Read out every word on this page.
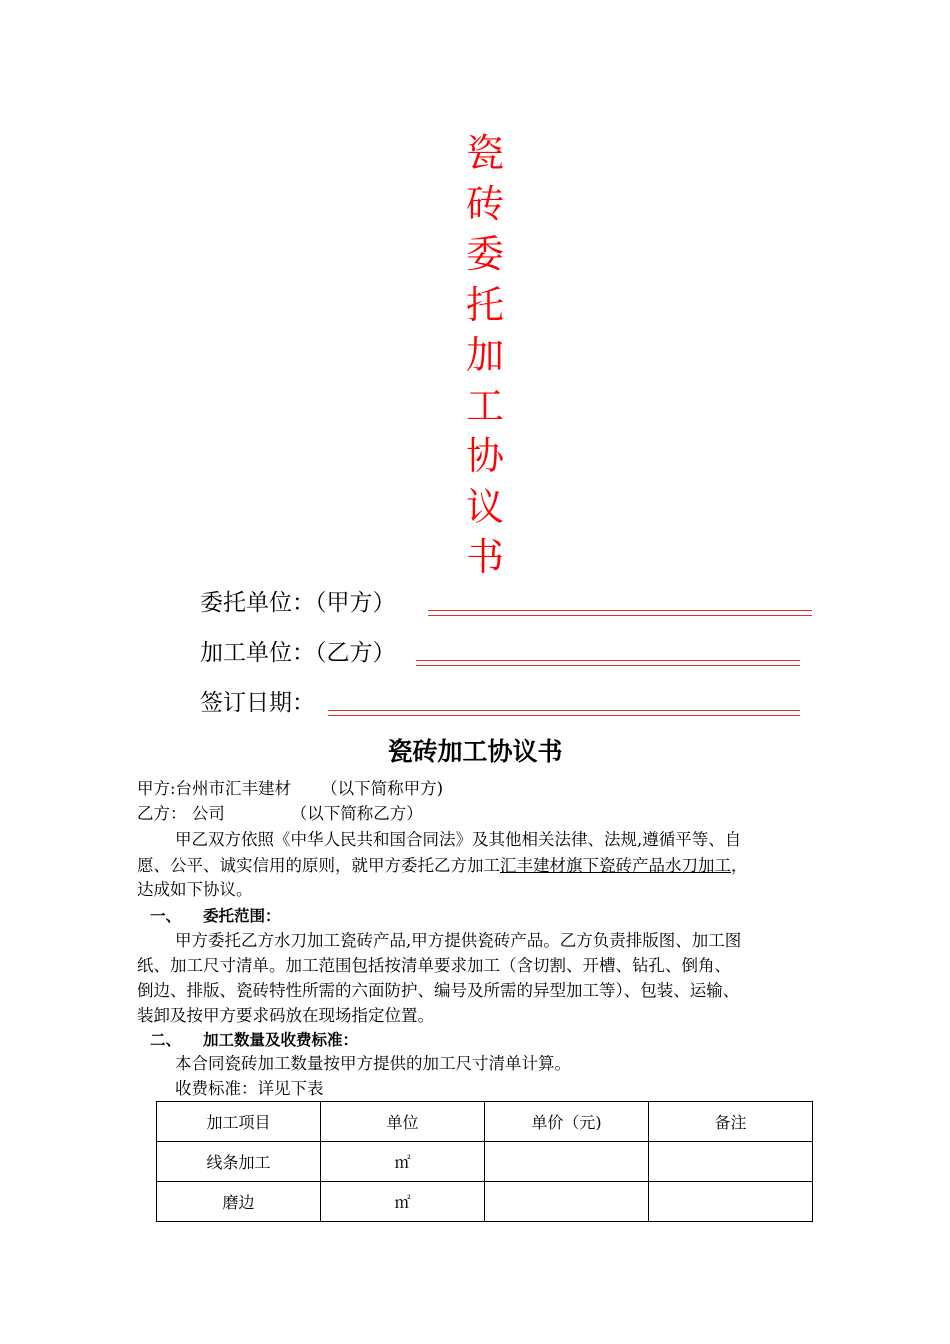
瓷
砖
委
托
加
工
协
议
书
委托单位：（甲方）
加工单位：（乙方）
签订日期：
瓷砖加工协议书
甲方:台州市汇丰建材 （以下简称甲方)
乙方： 公司	（以下简称乙方）
甲乙双方依照《中华人民共和国合同法》及其他相关法律、法规,遵循平等、自
愿、公平、诚实信用的原则，就甲方委托乙方加工汇丰建材旗下瓷砖产品水刀加工，
达成如下协议。
一、 委托范围：
甲方委托乙方水刀加工瓷砖产品,甲方提供瓷砖产品。乙方负责排版图、加工图
纸、加工尺寸清单。加工范围包括按清单要求加工（含切割、开槽、钻孔、倒角、
倒边、排版、瓷砖特性所需的六面防护、编号及所需的异型加工等）、包装、运输、
装卸及按甲方要求码放在现场指定位置。
二、 加工数量及收费标准：
本合同瓷砖加工数量按甲方提供的加工尺寸清单计算。
收费标准：详见下表
加工项目	单位	单价（元)	备注
线条加工	㎡		
磨边	㎡		
